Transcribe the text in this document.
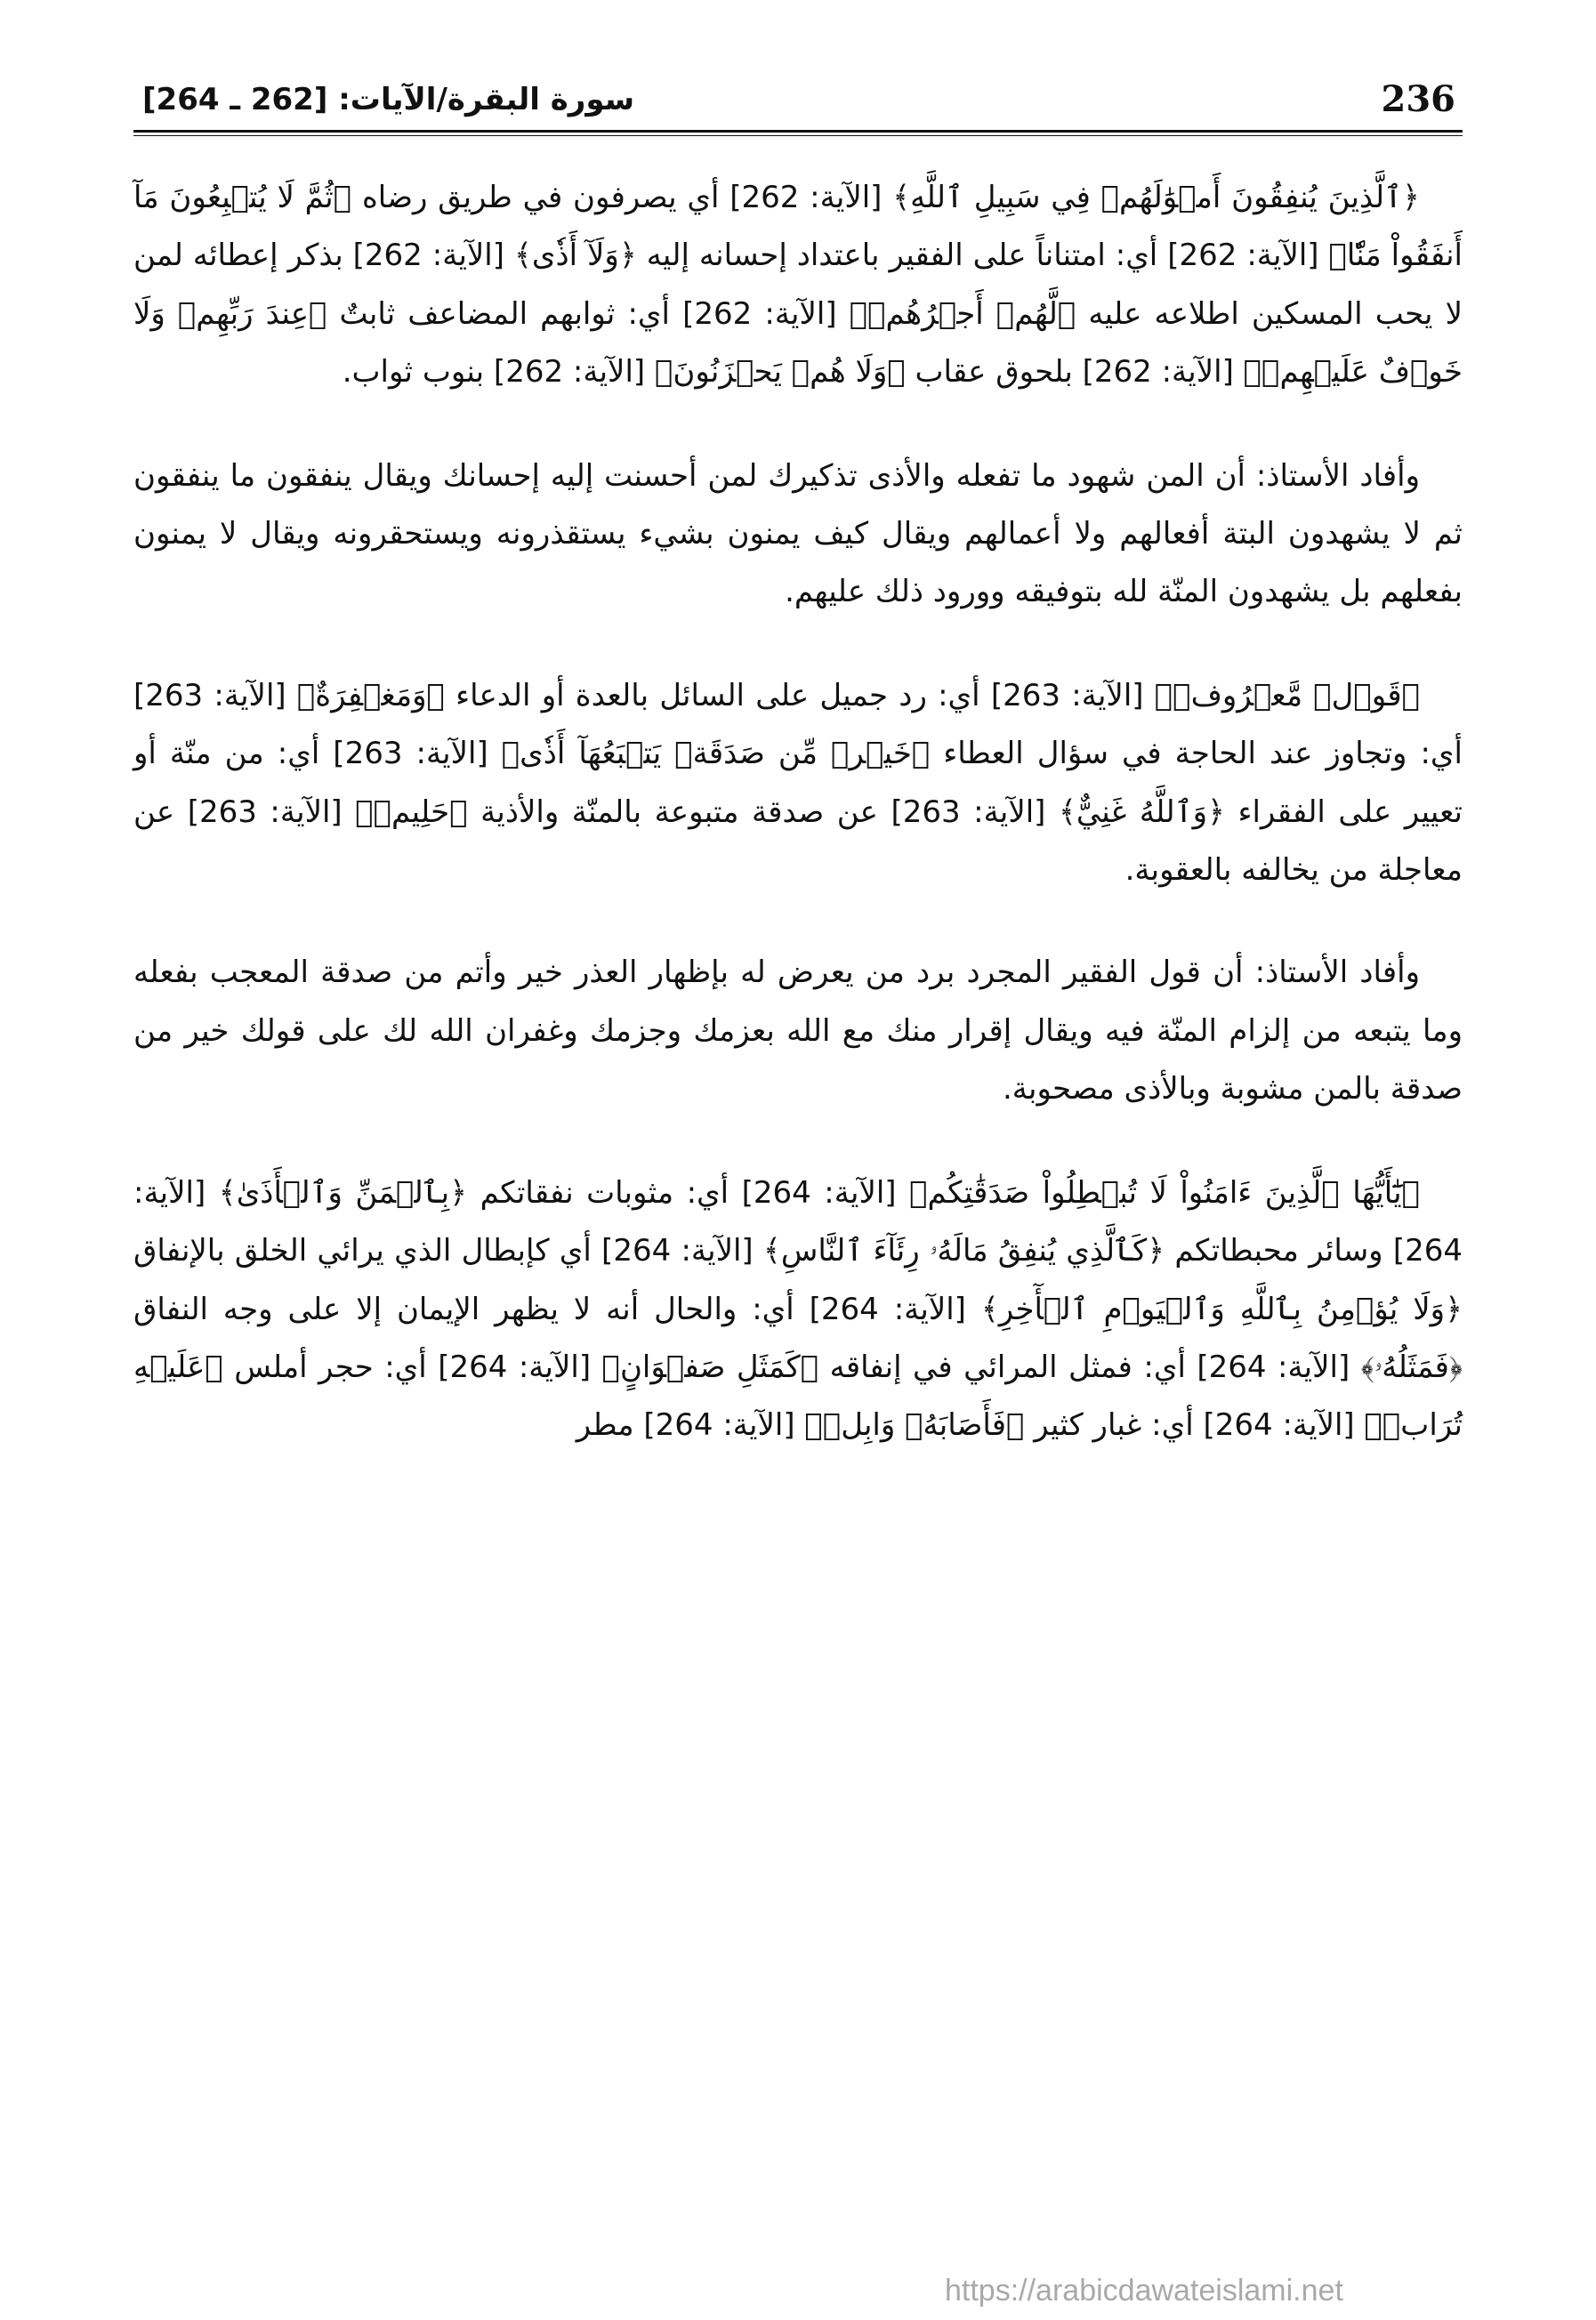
236
سورة البقرة/الآيات: [262 ـ 264]

﴿ٱلَّذِينَ يُنفِقُونَ أَمۡوَٰلَهُمۡ فِي سَبِيلِ ٱللَّهِ﴾ [الآية: 262] أي يصرفون في طريق رضاه ﴿ثُمَّ لَا يُتۡبِعُونَ مَآ أَنفَقُواْ مَنّٗا﴾ [الآية: 262] أي: امتناناً على الفقير باعتداد إحسانه إليه ﴿وَلَآ أَذٗى﴾ [الآية: 262] بذكر إعطائه لمن لا يحب المسكين اطلاعه عليه ﴿لَّهُمۡ أَجۡرُهُمۡ﴾ [الآية: 262] أي: ثوابهم المضاعف ثابتٌ ﴿عِندَ رَبِّهِمۡ وَلَا خَوۡفٌ عَلَيۡهِمۡ﴾ [الآية: 262] بلحوق عقاب ﴿وَلَا هُمۡ يَحۡزَنُونَ﴾ [الآية: 262] بنوب ثواب.

وأفاد الأستاذ: أن المن شهود ما تفعله والأذى تذكيرك لمن أحسنت إليه إحسانك ويقال ينفقون ما ينفقون ثم لا يشهدون البتة أفعالهم ولا أعمالهم ويقال كيف يمنون بشيء يستقذرونه ويستحقرونه ويقال لا يمنون بفعلهم بل يشهدون المنّة لله بتوفيقه وورود ذلك عليهم.

﴿قَوۡلٞ مَّعۡرُوفٞ﴾ [الآية: 263] أي: رد جميل على السائل بالعدة أو الدعاء ﴿وَمَغۡفِرَةٌ﴾ [الآية: 263] أي: وتجاوز عند الحاجة في سؤال العطاء ﴿خَيۡرٞ مِّن صَدَقَةٖ يَتۡبَعُهَآ أَذٗى﴾ [الآية: 263] أي: من منّة أو تعيير على الفقراء ﴿وَٱللَّهُ غَنِيٌّ﴾ [الآية: 263] عن صدقة متبوعة بالمنّة والأذية ﴿حَلِيمٞ﴾ [الآية: 263] عن معاجلة من يخالفه بالعقوبة.

وأفاد الأستاذ: أن قول الفقير المجرد برد من يعرض له بإظهار العذر خير وأتم من صدقة المعجب بفعله وما يتبعه من إلزام المنّة فيه ويقال إقرار منك مع الله بعزمك وجزمك وغفران الله لك على قولك خير من صدقة بالمن مشوبة وبالأذى مصحوبة.

﴿يَٰٓأَيُّهَا ٱلَّذِينَ ءَامَنُواْ لَا تُبۡطِلُواْ صَدَقَٰتِكُم﴾ [الآية: 264] أي: مثوبات نفقاتكم ﴿بِٱلۡمَنِّ وَٱلۡأَذَىٰ﴾ [الآية: 264] وسائر محبطاتكم ﴿كَٱلَّذِي يُنفِقُ مَالَهُۥ رِئَآءَ ٱلنَّاسِ﴾ [الآية: 264] أي كإبطال الذي يرائي الخلق بالإنفاق ﴿وَلَا يُؤۡمِنُ بِٱللَّهِ وَٱلۡيَوۡمِ ٱلۡأٓخِرِ﴾ [الآية: 264] أي: والحال أنه لا يظهر الإيمان إلا على وجه النفاق ﴿فَمَثَلُهُۥ﴾ [الآية: 264] أي: فمثل المرائي في إنفاقه ﴿كَمَثَلِ صَفۡوَانٍ﴾ [الآية: 264] أي: حجر أملس ﴿عَلَيۡهِ تُرَابٞ﴾ [الآية: 264] أي: غبار كثير ﴿فَأَصَابَهُۥ وَابِلٞ﴾ [الآية: 264] مطر

https://arabicdawateislami.net
